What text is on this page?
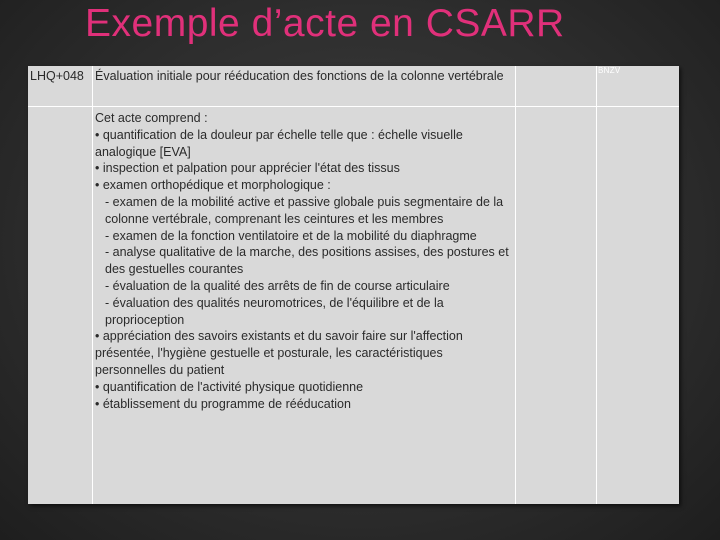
Exemple d’acte en CSARR
LHQ+048 Évaluation initiale pour rééducation des fonctions de la colonne vertébrale
Cet acte comprend :
• quantification de la douleur par échelle telle que : échelle visuelle analogique [EVA]
• inspection et palpation pour apprécier l'état des tissus
• examen orthopédique et morphologique :
- examen de la mobilité active et passive globale puis segmentaire de la colonne vertébrale, comprenant les ceintures et les membres
- examen de la fonction ventilatoire et de la mobilité du diaphragme
- analyse qualitative de la marche, des positions assises, des postures et des gestuelles courantes
- évaluation de la qualité des arrêts de fin de course articulaire
- évaluation des qualités neuromotrices, de l'équilibre et de la proprioception
• appréciation des savoirs existants et du savoir faire sur l'affection présentée, l'hygiène gestuelle et posturale, les caractéristiques personnelles du patient
• quantification de l'activité physique quotidienne
• établissement du programme de rééducation
BNZV
